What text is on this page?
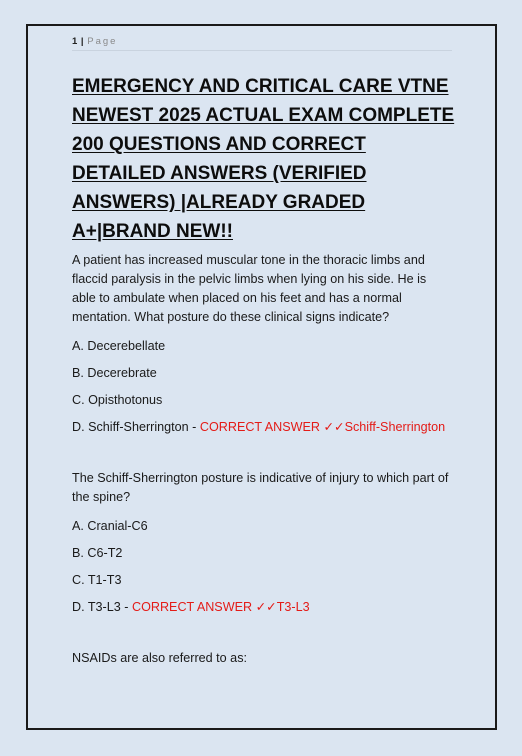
1 | Page
EMERGENCY AND CRITICAL CARE VTNE NEWEST 2025 ACTUAL EXAM COMPLETE 200 QUESTIONS AND CORRECT DETAILED ANSWERS (VERIFIED ANSWERS) |ALREADY GRADED A+|BRAND NEW!!

A patient has increased muscular tone in the thoracic limbs and flaccid paralysis in the pelvic limbs when lying on his side. He is able to ambulate when placed on his feet and has a normal mentation. What posture do these clinical signs indicate?

A. Decerebellate

B. Decerebrate

C. Opisthotonus

D. Schiff-Sherrington - CORRECT ANSWER ✓✓Schiff-Sherrington

The Schiff-Sherrington posture is indicative of injury to which part of the spine?

A. Cranial-C6

B. C6-T2

C. T1-T3

D. T3-L3 - CORRECT ANSWER ✓✓T3-L3

NSAIDs are also referred to as:
